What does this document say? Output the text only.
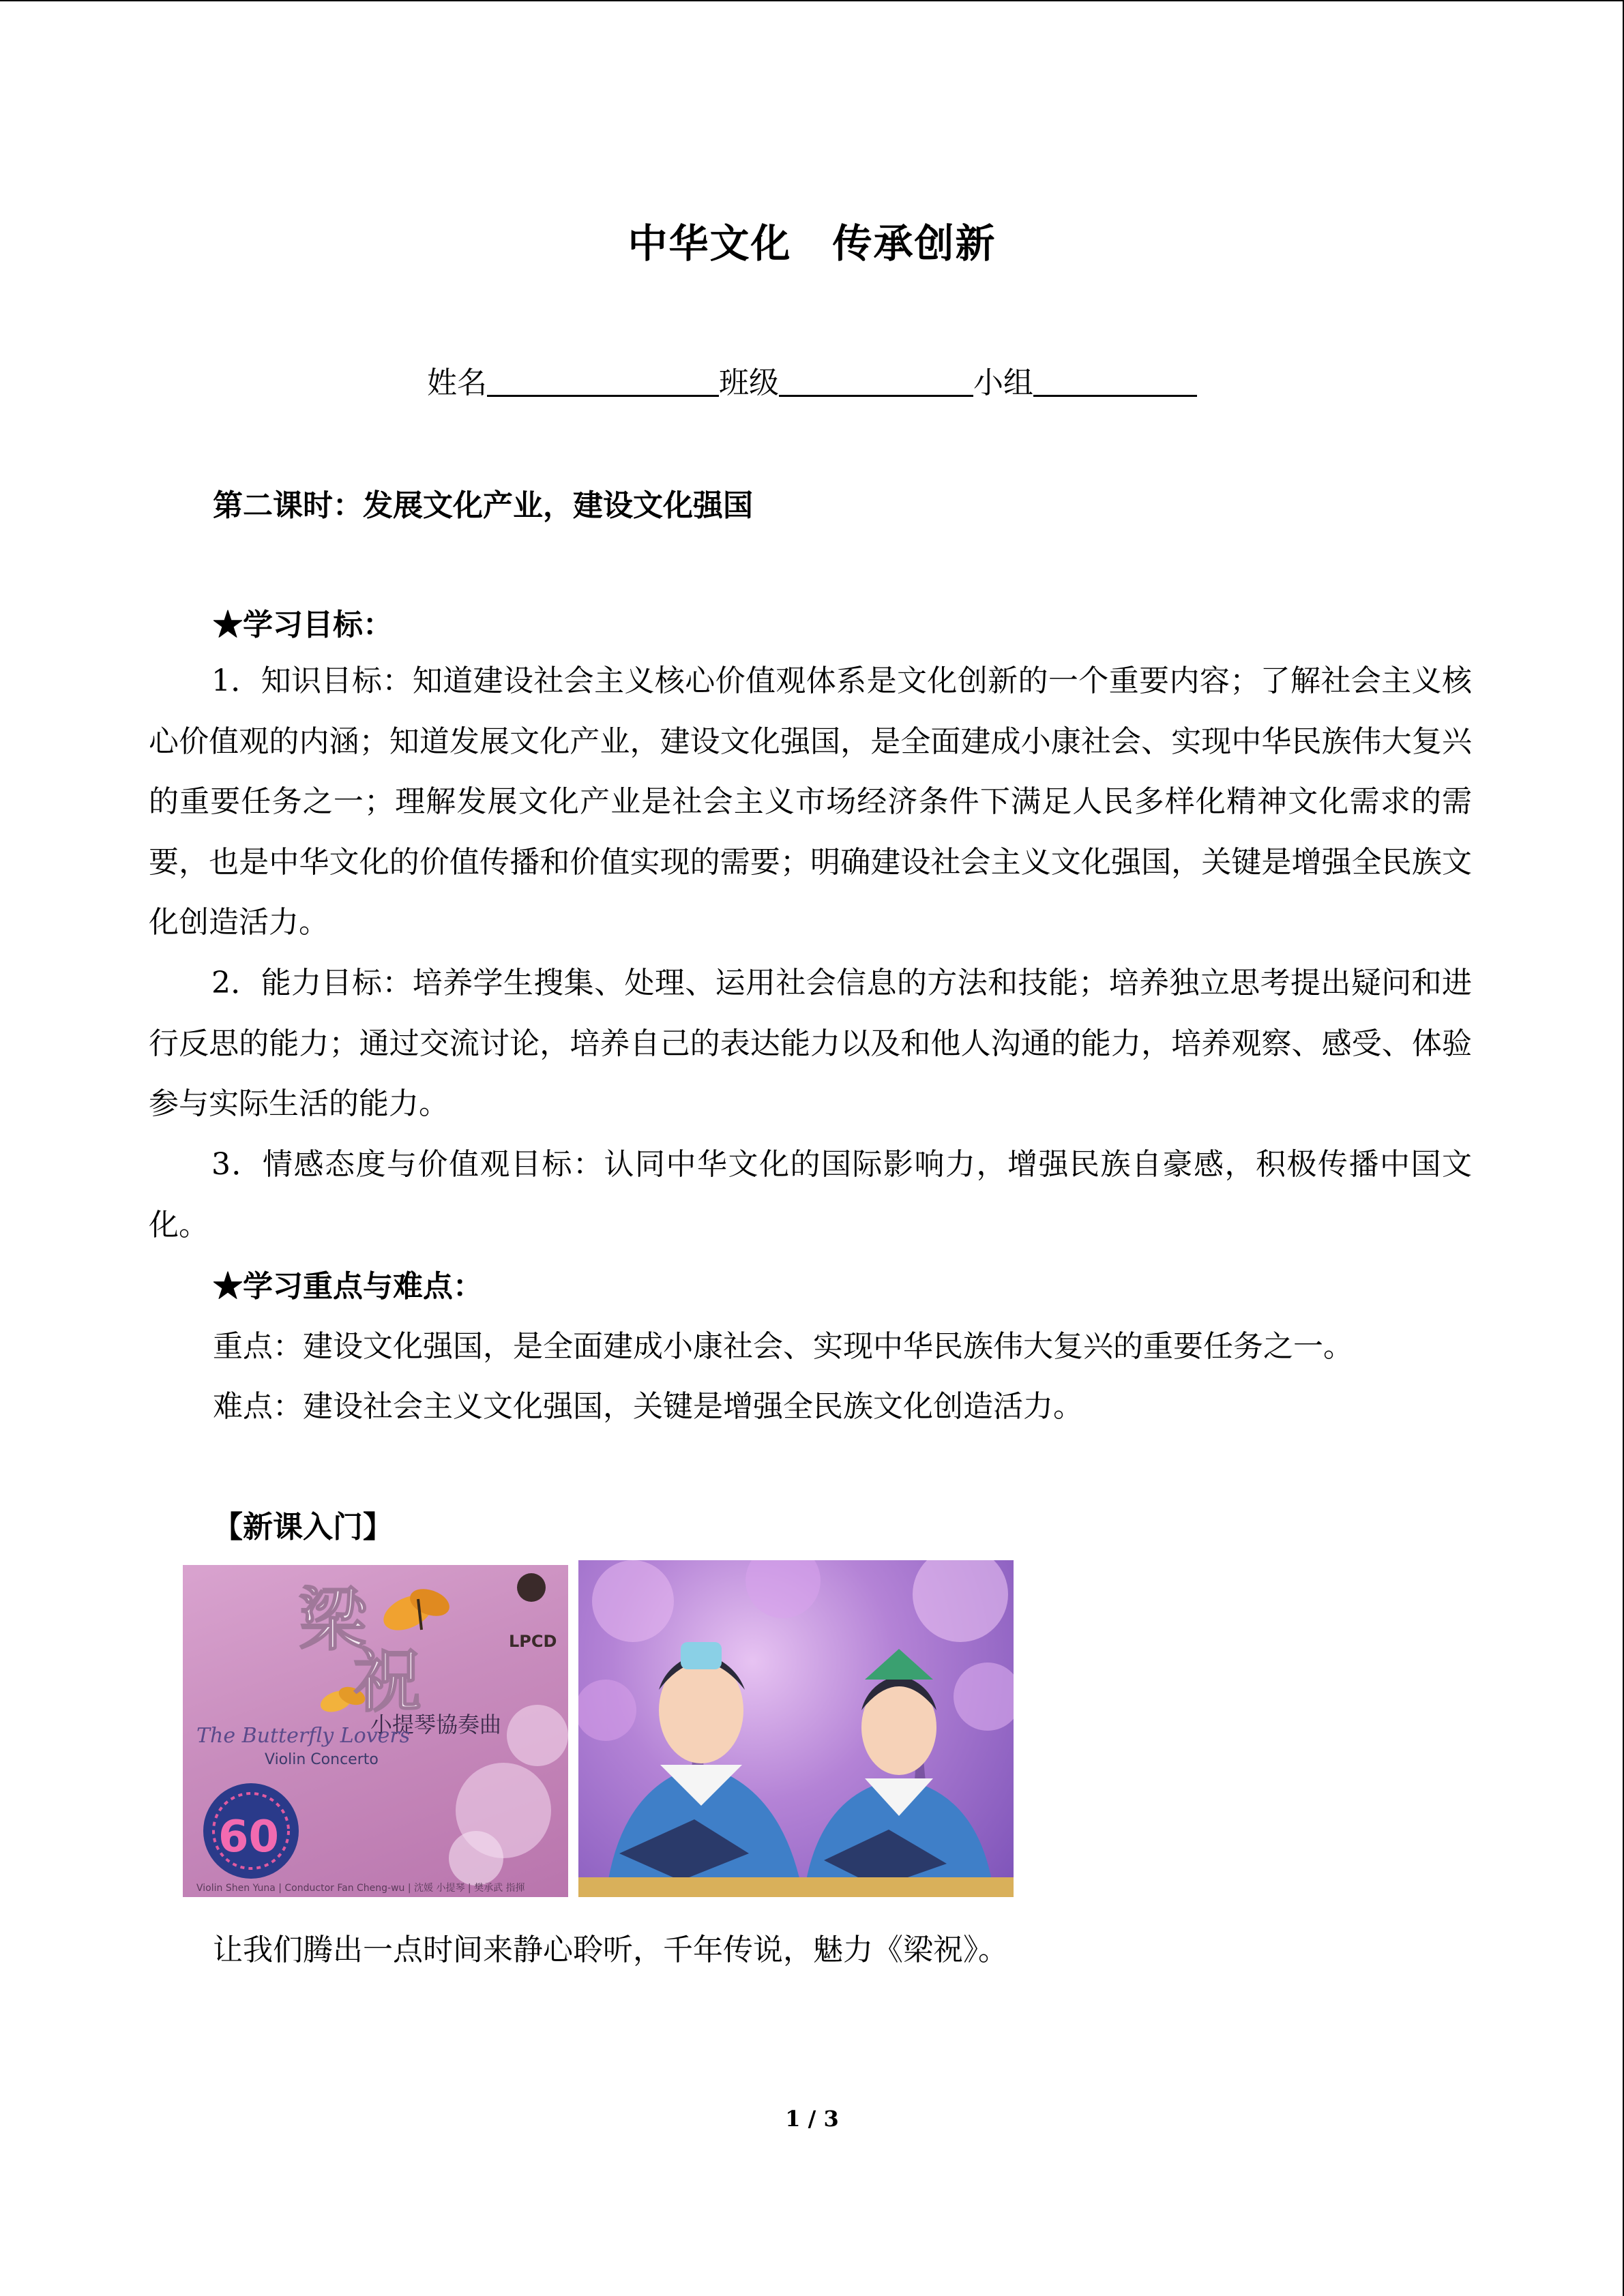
中华文化　传承创新
姓名	班级	小组
第二课时：发展文化产业，建设文化强国
★学习目标：

1．知识目标：知道建设社会主义核心价值观体系是文化创新的一个重要内容；了解社会主义核心价值观的内涵；知道发展文化产业，建设文化强国，是全面建成小康社会、实现中华民族伟大复兴的重要任务之一；理解发展文化产业是社会主义市场经济条件下满足人民多样化精神文化需求的需要，也是中华文化的价值传播和价值实现的需要；明确建设社会主义文化强国，关键是增强全民族文化创造活力。

2．能力目标：培养学生搜集、处理、运用社会信息的方法和技能；培养独立思考提出疑问和进行反思的能力；通过交流讨论，培养自己的表达能力以及和他人沟通的能力，培养观察、感受、体验参与实际生活的能力。

3．情感态度与价值观目标：认同中华文化的国际影响力，增强民族自豪感，积极传播中国文化。

★学习重点与难点：
重点：建设文化强国，是全面建成小康社会、实现中华民族伟大复兴的重要任务之一。
难点：建设社会主义文化强国，关键是增强全民族文化创造活力。
【新课入门】
梁
祝
小提琴協奏曲
The Butterfly Lovers
Violin Concerto
60
LPCD
Violin Shen Yuna | Conductor Fan Cheng-wu | 沈媛 小提琴 | 樊承武 指揮
让我们腾出一点时间来静心聆听，千年传说，魅力《梁祝》。
1 / 3
